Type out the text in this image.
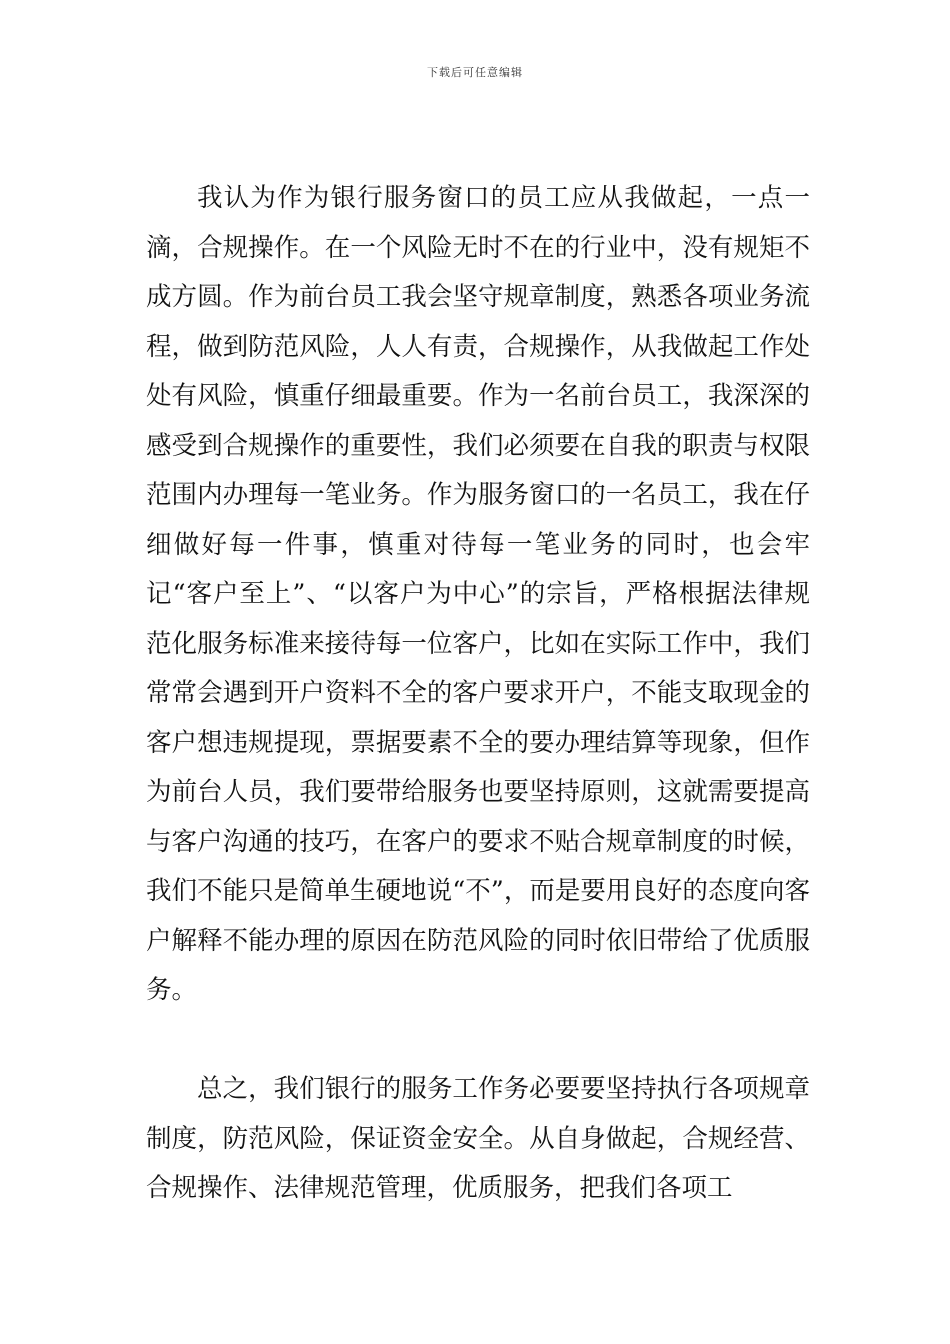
下载后可任意编辑

我认为作为银行服务窗口的员工应从我做起，一点一滴，合规操作。在一个风险无时不在的行业中，没有规矩不成方圆。作为前台员工我会坚守规章制度，熟悉各项业务流程，做到防范风险，人人有责，合规操作，从我做起工作处处有风险，慎重仔细最重要。作为一名前台员工，我深深的感受到合规操作的重要性，我们必须要在自我的职责与权限范围内办理每一笔业务。作为服务窗口的一名员工，我在仔细做好每一件事，慎重对待每一笔业务的同时，也会牢记“客户至上”、“以客户为中心”的宗旨，严格根据法律规范化服务标准来接待每一位客户，比如在实际工作中，我们常常会遇到开户资料不全的客户要求开户，不能支取现金的客户想违规提现，票据要素不全的要办理结算等现象，但作为前台人员，我们要带给服务也要坚持原则，这就需要提高与客户沟通的技巧，在客户的要求不贴合规章制度的时候，我们不能只是简单生硬地说“不”，而是要用良好的态度向客户解释不能办理的原因在防范风险的同时依旧带给了优质服务。

总之，我们银行的服务工作务必要要坚持执行各项规章制度，防范风险，保证资金安全。从自身做起，合规经营、合规操作、法律规范管理，优质服务，把我们各项工
